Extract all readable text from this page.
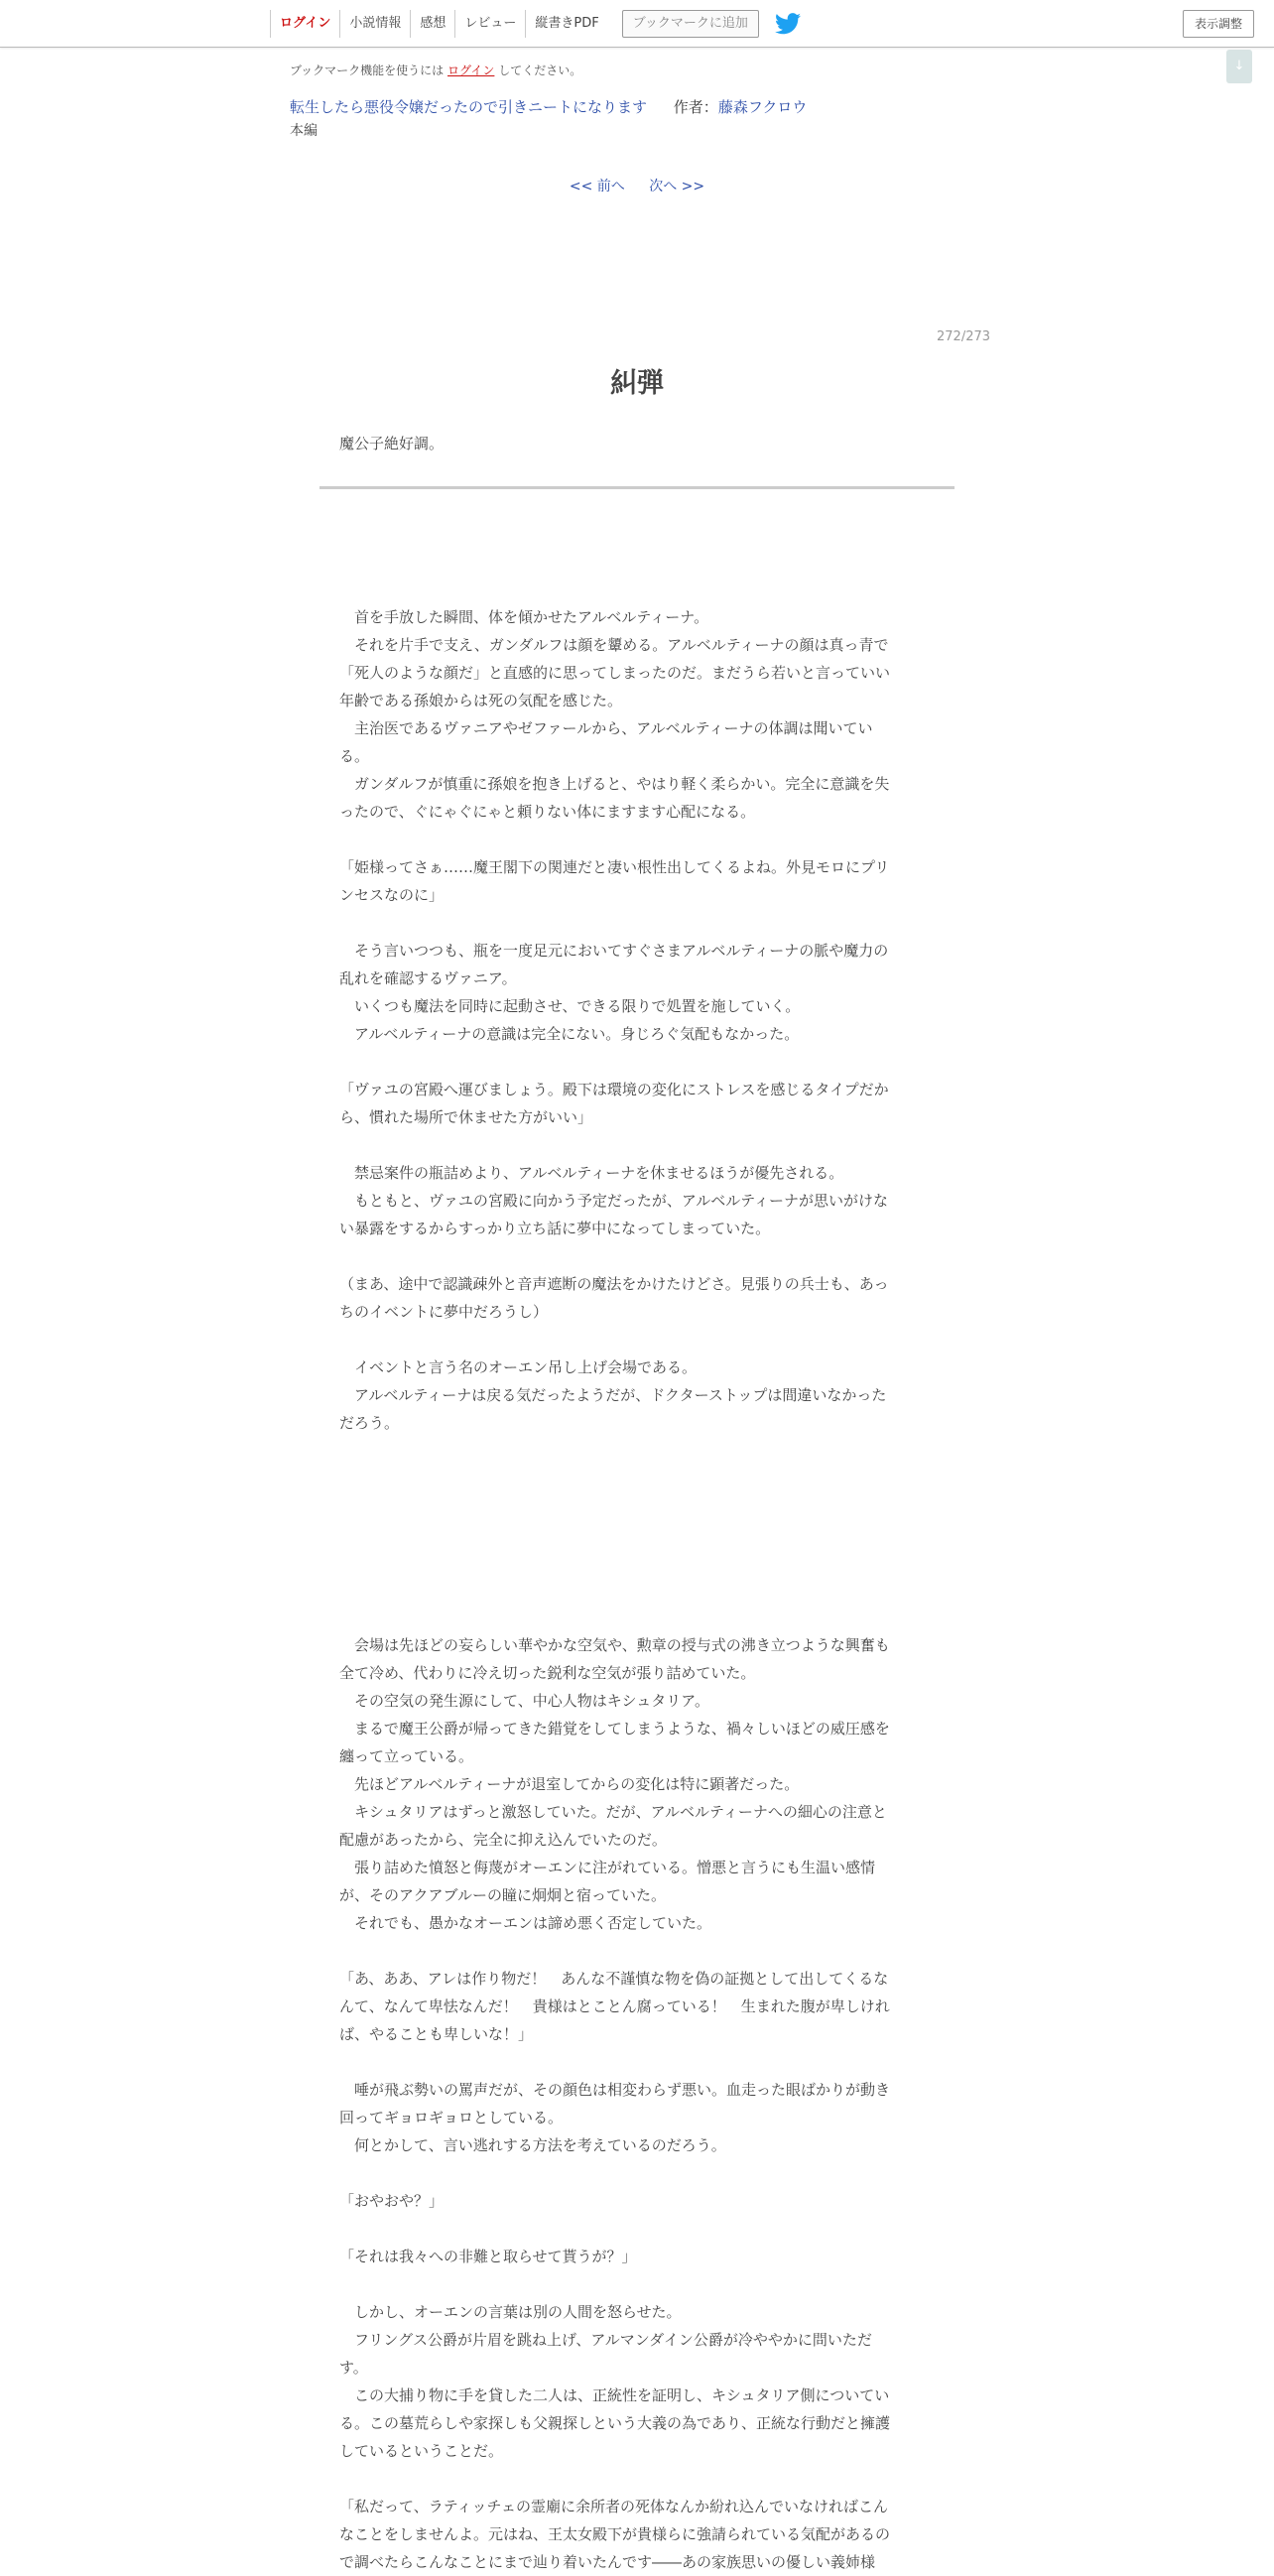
ログイン	小説情報	感想	レビュー	縦書きPDF	ブックマークに追加	表示調整
↓
ブックマーク機能を使うには ログイン してください。
転生したら悪役令嬢だったので引きニートになります 作者：藤森フクロウ
本編
<< 前へ 次へ >>
272/273
糾弾
魔公子絶好調。

　首を手放した瞬間、体を傾かせたアルベルティーナ。

　それを片手で支え、ガンダルフは顔を顰める。アルベルティーナの顔は真っ青で

「死人のような顔だ」と直感的に思ってしまったのだ。まだうら若いと言っていい

年齢である孫娘からは死の気配を感じた。

　主治医であるヴァニアやゼファールから、アルベルティーナの体調は聞いてい

る。

　ガンダルフが慎重に孫娘を抱き上げると、やはり軽く柔らかい。完全に意識を失

ったので、ぐにゃぐにゃと頼りない体にますます心配になる。

「姫様ってさぁ……魔王閣下の関連だと凄い根性出してくるよね。外見モロにプリ

ンセスなのに」

　そう言いつつも、瓶を一度足元においてすぐさまアルベルティーナの脈や魔力の

乱れを確認するヴァニア。

　いくつも魔法を同時に起動させ、できる限りで処置を施していく。

　アルベルティーナの意識は完全にない。身じろぐ気配もなかった。

「ヴァユの宮殿へ運びましょう。殿下は環境の変化にストレスを感じるタイプだか

ら、慣れた場所で休ませた方がいい」

　禁忌案件の瓶詰めより、アルベルティーナを休ませるほうが優先される。

　もともと、ヴァユの宮殿に向かう予定だったが、アルベルティーナが思いがけな

い暴露をするからすっかり立ち話に夢中になってしまっていた。

（まあ、途中で認識疎外と音声遮断の魔法をかけたけどさ。見張りの兵士も、あっ

ちのイベントに夢中だろうし）

　イベントと言う名のオーエン吊し上げ会場である。

　アルベルティーナは戻る気だったようだが、ドクターストップは間違いなかった

だろう。

　会場は先ほどの妄らしい華やかな空気や、勲章の授与式の沸き立つような興奮も

全て冷め、代わりに冷え切った鋭利な空気が張り詰めていた。

　その空気の発生源にして、中心人物はキシュタリア。

　まるで魔王公爵が帰ってきた錯覚をしてしまうような、禍々しいほどの威圧感を

纏って立っている。

　先ほどアルベルティーナが退室してからの変化は特に顕著だった。

　キシュタリアはずっと激怒していた。だが、アルベルティーナへの細心の注意と

配慮があったから、完全に抑え込んでいたのだ。

　張り詰めた憤怒と侮蔑がオーエンに注がれている。憎悪と言うにも生温い感情

が、そのアクアブルーの瞳に炯炯と宿っていた。

　それでも、愚かなオーエンは諦め悪く否定していた。

「あ、ああ、アレは作り物だ！　あんな不謹慎な物を偽の証拠として出してくるな

んて、なんて卑怯なんだ！　貴様はとことん腐っている！　生まれた腹が卑しけれ

ば、やることも卑しいな！」

　唾が飛ぶ勢いの罵声だが、その顔色は相変わらず悪い。血走った眼ばかりが動き

回ってギョロギョロとしている。

　何とかして、言い逃れする方法を考えているのだろう。

「おやおや？」

「それは我々への非難と取らせて貰うが？」

　しかし、オーエンの言葉は別の人間を怒らせた。

　フリングス公爵が片眉を跳ね上げ、アルマンダイン公爵が冷ややかに問いただ

す。

　この大捕り物に手を貸した二人は、正統性を証明し、キシュタリア側についてい

る。この墓荒らしや家探しも父親探しという大義の為であり、正統な行動だと擁護

しているということだ。

「私だって、ラティッチェの霊廟に余所者の死体なんか紛れ込んでいなければこん

なことをしませんよ。元はね、王太女殿下が貴様らに強請られている気配があるの

で調べたらこんなことにまで辿り着いたんです――あの家族思いの優しい義姉様
